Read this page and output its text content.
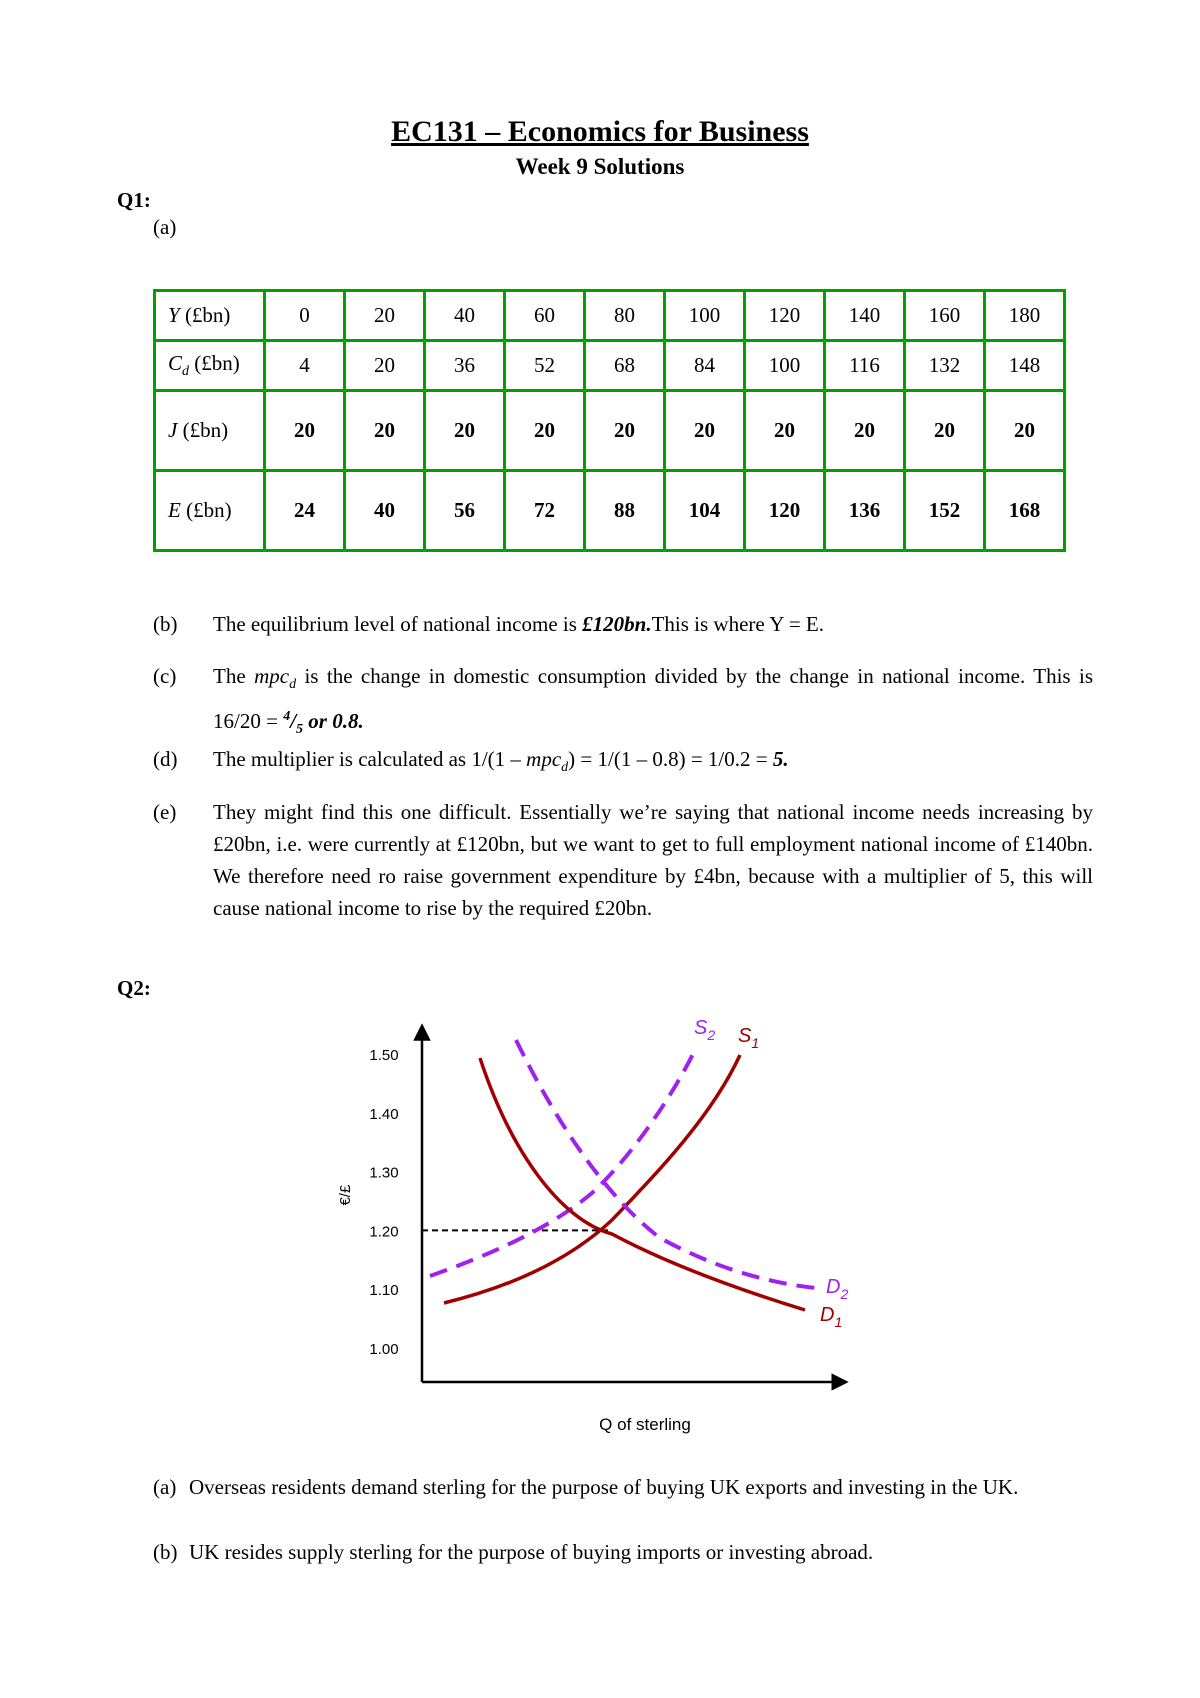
EC131 – Economics for Business
Week 9 Solutions
Q1:
(a)
Y (£bn)	0	20	40	60	80	100	120	140	160	180
$C_d$ (£bn)	4	20	36	52	68	84	100	116	132	148
J (£bn)	20	20	20	20	20	20	20	20	20	20
E (£bn)	24	40	56	72	88	104	120	136	152	168
(b) The equilibrium level of national income is £120bn.This is where Y = E.
(c) The mpc$_d$ is the change in domestic consumption divided by the change in national income. This is $16/20 = ^4/_5$ or 0.8.
(d) The multiplier is calculated as 1/(1 – mpc$_d$) = 1/(1 – 0.8) = 1/0.2 = 5.
(e) They might find this one difficult. Essentially we’re saying that national income needs increasing by £20bn, i.e. were currently at £120bn, but we want to get to full employment national income of £140bn. We therefore need ro raise government expenditure by £4bn, because with a multiplier of 5, this will cause national income to rise by the required £20bn.
Q2:
1.00
1.10
1.20
1.30
1.40
1.50
€/£
Q of sterling
$S_1$
$S_2$
$D_1$
$D_2$
(a) Overseas residents demand sterling for the purpose of buying UK exports and investing in the UK.
(b) UK resides supply sterling for the purpose of buying imports or investing abroad.
